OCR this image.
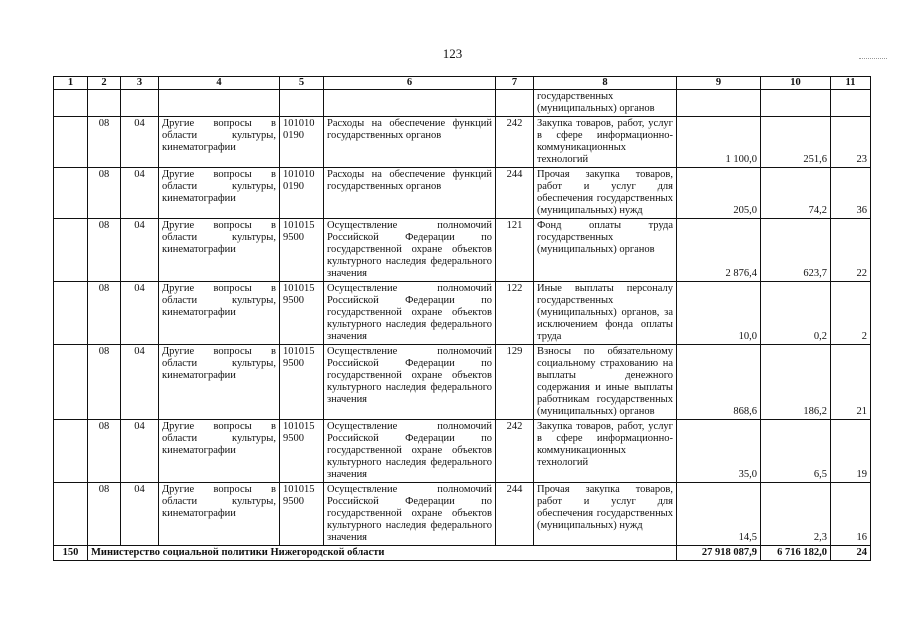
123
1	2	3	4	5	6	7	8	9	10	11
							государственных (муниципальных) органов			
	08	04	Другие вопросы в области культуры, кинематографии	101010 0190	Расходы на обеспечение функций государственных органов	242	Закупка товаров, работ, услуг в сфере информационно-коммуникационных технологий	1 100,0	251,6	23
	08	04	Другие вопросы в области культуры, кинематографии	101010 0190	Расходы на обеспечение функций государственных органов	244	Прочая закупка товаров, работ и услуг для обеспечения государственных (муниципальных) нужд	205,0	74,2	36
	08	04	Другие вопросы в области культуры, кинематографии	101015 9500	Осуществление полномочий Российской Федерации по государственной охране объектов культурного наследия федерального значения	121	Фонд оплаты труда государственных (муниципальных) органов	2 876,4	623,7	22
	08	04	Другие вопросы в области культуры, кинематографии	101015 9500	Осуществление полномочий Российской Федерации по государственной охране объектов культурного наследия федерального значения	122	Иные выплаты персоналу государственных (муниципальных) органов, за исключением фонда оплаты труда	10,0	0,2	2
	08	04	Другие вопросы в области культуры, кинематографии	101015 9500	Осуществление полномочий Российской Федерации по государственной охране объектов культурного наследия федерального значения	129	Взносы по обязательному социальному страхованию на выплаты денежного содержания и иные выплаты работникам государственных (муниципальных) органов	868,6	186,2	21
	08	04	Другие вопросы в области культуры, кинематографии	101015 9500	Осуществление полномочий Российской Федерации по государственной охране объектов культурного наследия федерального значения	242	Закупка товаров, работ, услуг в сфере информационно-коммуникационных технологий	35,0	6,5	19
	08	04	Другие вопросы в области культуры, кинематографии	101015 9500	Осуществление полномочий Российской Федерации по государственной охране объектов культурного наследия федерального значения	244	Прочая закупка товаров, работ и услуг для обеспечения государственных (муниципальных) нужд	14,5	2,3	16
150	Министерство социальной политики Нижегородской области							27 918 087,9	6 716 182,0	24
